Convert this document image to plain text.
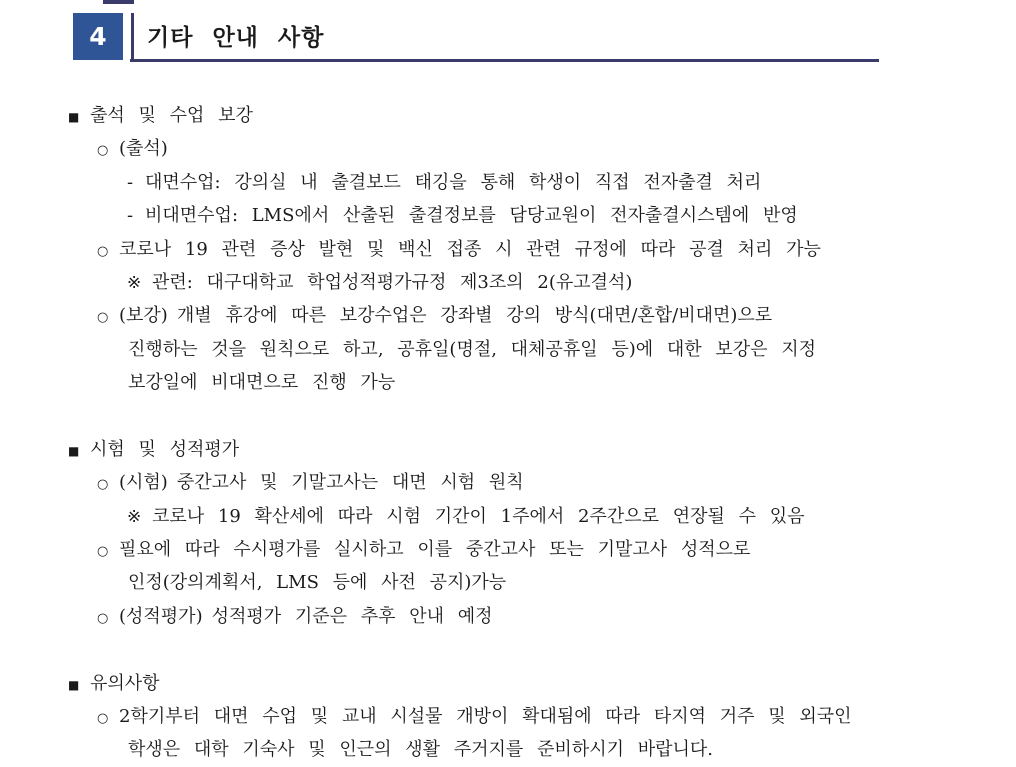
4 기타 안내 사항
■ 출석 및 수업 보강
○ (출석)
- 대면수업: 강의실 내 출결보드 태깅을 통해 학생이 직접 전자출결 처리
- 비대면수업: LMS에서 산출된 출결정보를 담당교원이 전자출결시스템에 반영
○ 코로나 19 관련 증상 발현 및 백신 접종 시 관련 규정에 따라 공결 처리 가능
※ 관련: 대구대학교 학업성적평가규정 제3조의 2(유고결석)
○ (보강) 개별 휴강에 따른 보강수업은 강좌별 강의 방식(대면/혼합/비대면)으로
진행하는 것을 원칙으로 하고, 공휴일(명절, 대체공휴일 등)에 대한 보강은 지정
보강일에 비대면으로 진행 가능
■ 시험 및 성적평가
○ (시험) 중간고사 및 기말고사는 대면 시험 원칙
※ 코로나 19 확산세에 따라 시험 기간이 1주에서 2주간으로 연장될 수 있음
○ 필요에 따라 수시평가를 실시하고 이를 중간고사 또는 기말고사 성적으로
인정(강의계획서, LMS 등에 사전 공지)가능
○ (성적평가) 성적평가 기준은 추후 안내 예정
■ 유의사항
○ 2학기부터 대면 수업 및 교내 시설물 개방이 확대됨에 따라 타지역 거주 및 외국인
학생은 대학 기숙사 및 인근의 생활 주거지를 준비하시기 바랍니다.
